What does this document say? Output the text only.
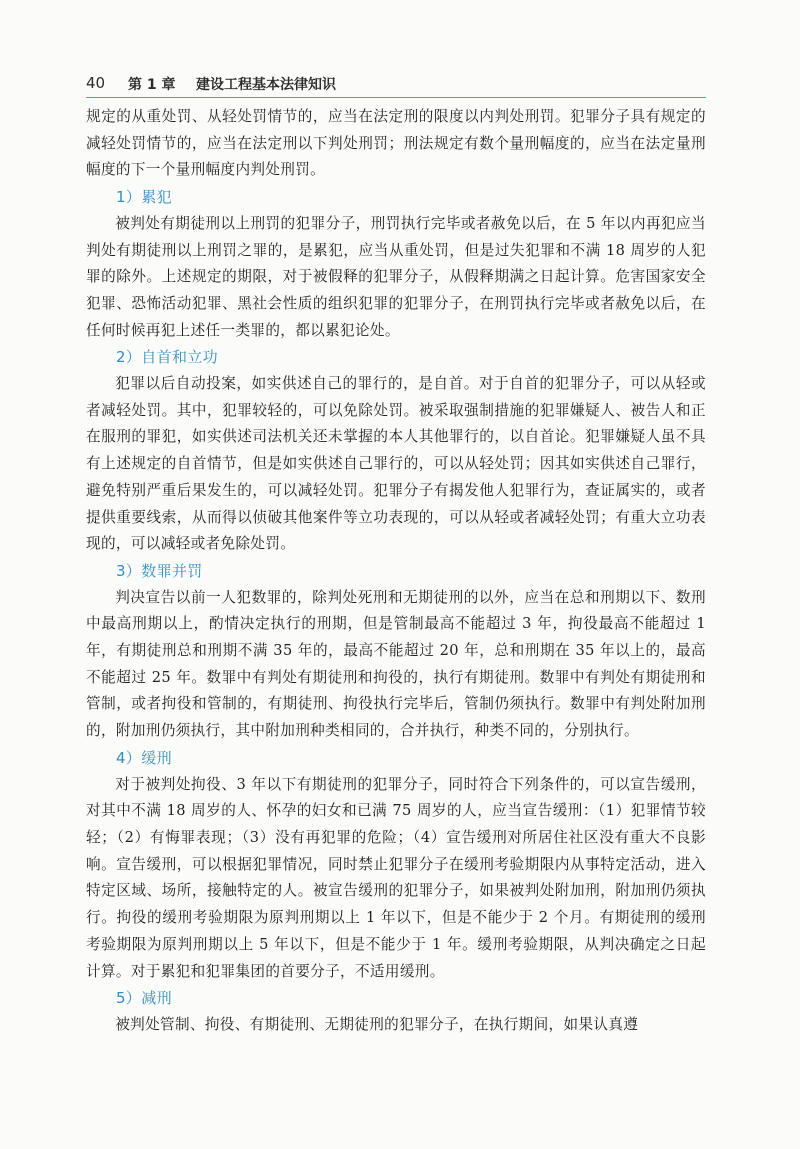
40 第 1 章 建设工程基本法律知识

规定的从重处罚、从轻处罚情节的，应当在法定刑的限度以内判处刑罚。犯罪分子具有规定的减轻处罚情节的，应当在法定刑以下判处刑罚；刑法规定有数个量刑幅度的，应当在法定量刑幅度的下一个量刑幅度内判处刑罚。

1）累犯

被判处有期徒刑以上刑罚的犯罪分子，刑罚执行完毕或者赦免以后，在 5 年以内再犯应当判处有期徒刑以上刑罚之罪的，是累犯，应当从重处罚，但是过失犯罪和不满 18 周岁的人犯罪的除外。上述规定的期限，对于被假释的犯罪分子，从假释期满之日起计算。危害国家安全犯罪、恐怖活动犯罪、黑社会性质的组织犯罪的犯罪分子，在刑罚执行完毕或者赦免以后，在任何时候再犯上述任一类罪的，都以累犯论处。

2）自首和立功

犯罪以后自动投案，如实供述自己的罪行的，是自首。对于自首的犯罪分子，可以从轻或者减轻处罚。其中，犯罪较轻的，可以免除处罚。被采取强制措施的犯罪嫌疑人、被告人和正在服刑的罪犯，如实供述司法机关还未掌握的本人其他罪行的，以自首论。犯罪嫌疑人虽不具有上述规定的自首情节，但是如实供述自己罪行的，可以从轻处罚；因其如实供述自己罪行，避免特别严重后果发生的，可以减轻处罚。犯罪分子有揭发他人犯罪行为，查证属实的，或者提供重要线索，从而得以侦破其他案件等立功表现的，可以从轻或者减轻处罚；有重大立功表现的，可以减轻或者免除处罚。

3）数罪并罚

判决宣告以前一人犯数罪的，除判处死刑和无期徒刑的以外，应当在总和刑期以下、数刑中最高刑期以上，酌情决定执行的刑期，但是管制最高不能超过 3 年，拘役最高不能超过 1 年，有期徒刑总和刑期不满 35 年的，最高不能超过 20 年，总和刑期在 35 年以上的，最高不能超过 25 年。数罪中有判处有期徒刑和拘役的，执行有期徒刑。数罪中有判处有期徒刑和管制，或者拘役和管制的，有期徒刑、拘役执行完毕后，管制仍须执行。数罪中有判处附加刑的，附加刑仍须执行，其中附加刑种类相同的，合并执行，种类不同的，分别执行。

4）缓刑

对于被判处拘役、3 年以下有期徒刑的犯罪分子，同时符合下列条件的，可以宣告缓刑，对其中不满 18 周岁的人、怀孕的妇女和已满 75 周岁的人，应当宣告缓刑：（1）犯罪情节较轻；（2）有悔罪表现；（3）没有再犯罪的危险；（4）宣告缓刑对所居住社区没有重大不良影响。宣告缓刑，可以根据犯罪情况，同时禁止犯罪分子在缓刑考验期限内从事特定活动，进入特定区域、场所，接触特定的人。被宣告缓刑的犯罪分子，如果被判处附加刑，附加刑仍须执行。拘役的缓刑考验期限为原判刑期以上 1 年以下，但是不能少于 2 个月。有期徒刑的缓刑考验期限为原判刑期以上 5 年以下，但是不能少于 1 年。缓刑考验期限，从判决确定之日起计算。对于累犯和犯罪集团的首要分子，不适用缓刑。

5）减刑

被判处管制、拘役、有期徒刑、无期徒刑的犯罪分子，在执行期间，如果认真遵
